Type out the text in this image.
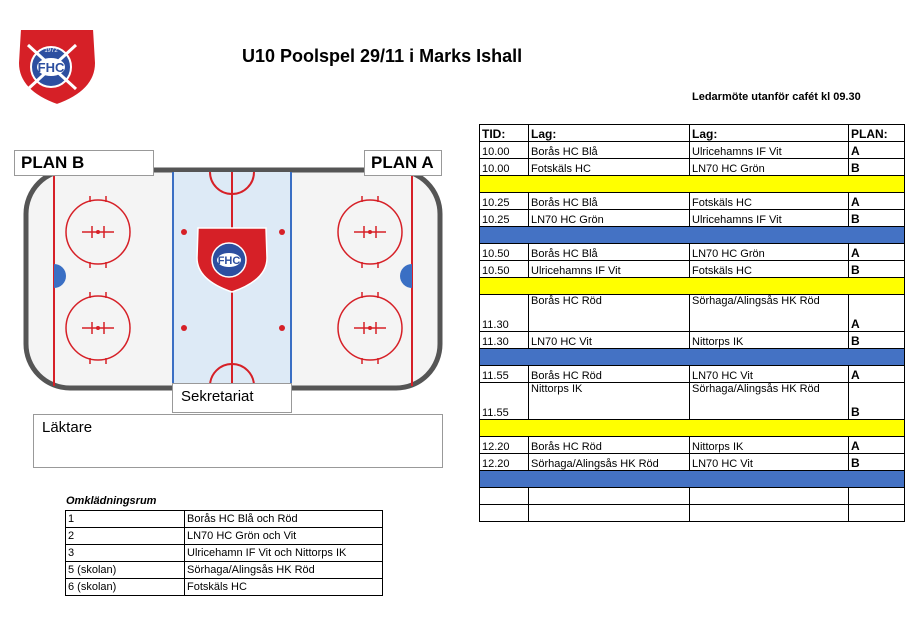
FHC
1972	U10 Poolspel 29/11 i Marks Ishall
Ledarmöte utanför cafét kl 09.30
FHC
PLAN B	PLAN A
Sekretariat
Läktare
TID:	Lag:	Lag:	PLAN:
10.00	Borås HC Blå	Ulricehamns IF Vit	A
10.00	Fotskäls HC	LN70 HC Grön	B

10.25	Borås HC Blå	Fotskäls HC	A
10.25	LN70 HC Grön	Ulricehamns IF Vit	B

10.50	Borås HC Blå	LN70 HC Grön	A
10.50	Ulricehamns IF Vit	Fotskäls HC	B

11.30	Borås HC Röd	Sörhaga/Alingsås HK Röd	A
11.30	LN70 HC Vit	Nittorps IK	B

11.55	Borås HC Röd	LN70 HC Vit	A
11.55	Nittorps IK	Sörhaga/Alingsås HK Röd	B

12.20	Borås HC Röd	Nittorps IK	A
12.20	Sörhaga/Alingsås HK Röd	LN70 HC Vit	B

Omklädningsrum
1	Borås HC Blå och Röd
2	LN70 HC Grön och Vit
3	Ulricehamn IF Vit och Nittorps IK
5 (skolan)	Sörhaga/Alingsås HK Röd
6 (skolan)	Fotskäls HC
